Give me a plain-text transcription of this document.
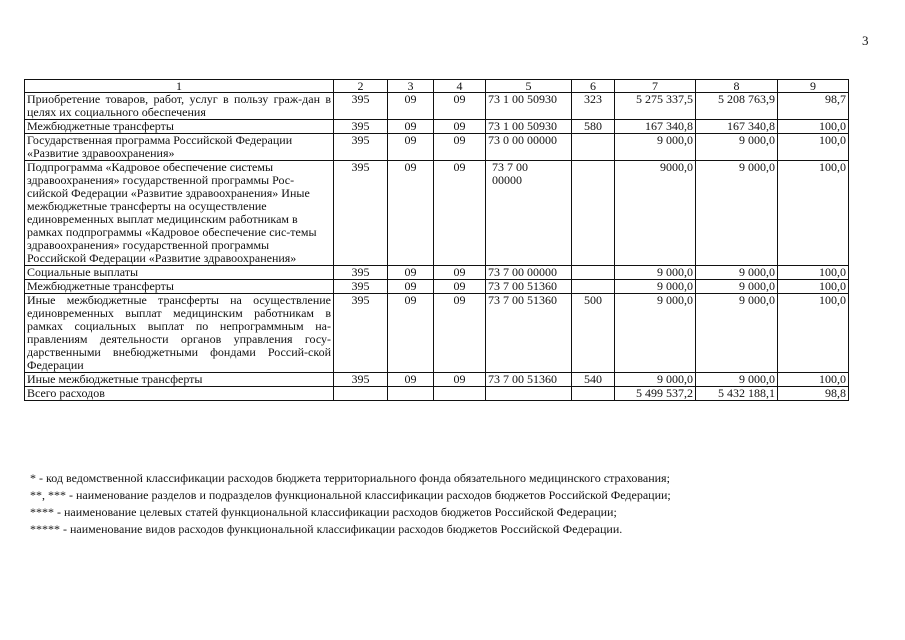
3
1	2	3	4	5	6	7	8	9
Приобретение товаров, работ, услуг в пользу граж-дан в целях их социального обеспечения	395	09	09	73 1 00 50930	323	5 275 337,5	5 208 763,9	98,7
Межбюджетные трансферты	395	09	09	73 1 00 50930	580	167 340,8	167 340,8	100,0
Государственная программа Российской Федерации «Развитие здравоохранения»	395	09	09	73 0 00 00000		9 000,0	9 000,0	100,0
Подпрограмма «Кадровое обеспечение системы здравоохранения» государственной программы Рос-сийской Федерации «Развитие здравоохранения» Иные межбюджетные трансферты на осуществление единовременных выплат медицинским работникам в рамках подпрограммы «Кадровое обеспечение сис-темы здравоохранения» государственной программы Российской Федерации «Развитие здравоохранения»	395	09	09	73 7 00 00000		9000,0	9 000,0	100,0
Социальные выплаты	395	09	09	73 7 00 00000		9 000,0	9 000,0	100,0
Межбюджетные трансферты	395	09	09	73 7 00 51360		9 000,0	9 000,0	100,0
Иные межбюджетные трансферты на осуществление единовременных выплат медицинским работникам в рамках социальных выплат по непрограммным на-правлениям деятельности органов управления госу-дарственными внебюджетными фондами Россий-ской Федерации	395	09	09	73 7 00 51360	500	9 000,0	9 000,0	100,0
Иные межбюджетные трансферты	395	09	09	73 7 00 51360	540	9 000,0	9 000,0	100,0
Всего расходов						5 499 537,2	5 432 188,1	98,8
* - код ведомственной классификации расходов бюджета территориального фонда обязательного медицинского страхования;
**, *** - наименование разделов и подразделов функциональной классификации расходов бюджетов Российской Федерации;
**** - наименование целевых статей функциональной классификации расходов бюджетов Российской Федерации;
***** - наименование видов расходов функциональной классификации расходов бюджетов Российской Федерации.
